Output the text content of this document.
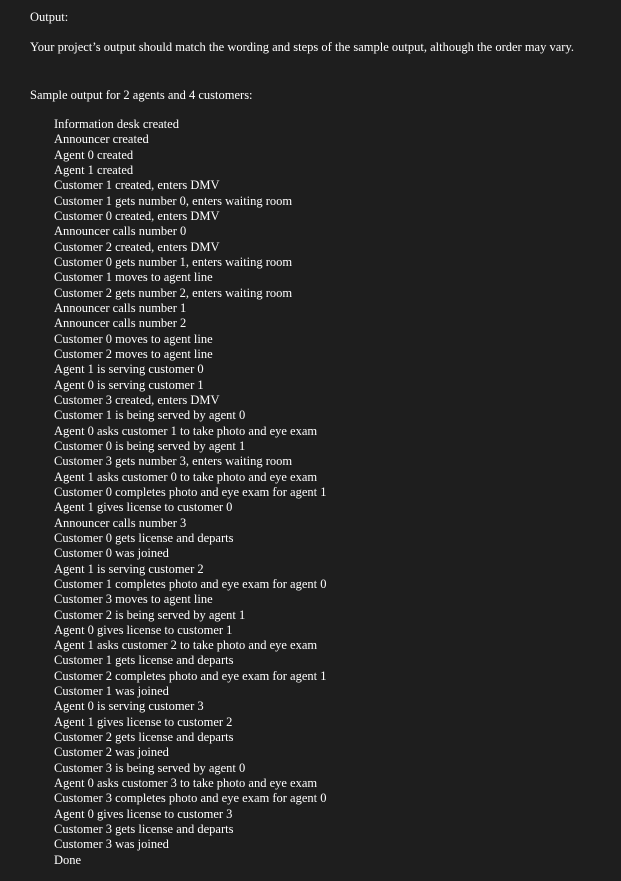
Output:
Your project’s output should match the wording and steps of the sample output, although the order may vary.
Sample output for 2 agents and 4 customers:
Information desk created
Announcer created
Agent 0 created
Agent 1 created
Customer 1 created, enters DMV
Customer 1 gets number 0, enters waiting room
Customer 0 created, enters DMV
Announcer calls number 0
Customer 2 created, enters DMV
Customer 0 gets number 1, enters waiting room
Customer 1 moves to agent line
Customer 2 gets number 2, enters waiting room
Announcer calls number 1
Announcer calls number 2
Customer 0 moves to agent line
Customer 2 moves to agent line
Agent 1 is serving customer 0
Agent 0 is serving customer 1
Customer 3 created, enters DMV
Customer 1 is being served by agent 0
Agent 0 asks customer 1 to take photo and eye exam
Customer 0 is being served by agent 1
Customer 3 gets number 3, enters waiting room
Agent 1 asks customer 0 to take photo and eye exam
Customer 0 completes photo and eye exam for agent 1
Agent 1 gives license to customer 0
Announcer calls number 3
Customer 0 gets license and departs
Customer 0 was joined
Agent 1 is serving customer 2
Customer 1 completes photo and eye exam for agent 0
Customer 3 moves to agent line
Customer 2 is being served by agent 1
Agent 0 gives license to customer 1
Agent 1 asks customer 2 to take photo and eye exam
Customer 1 gets license and departs
Customer 2 completes photo and eye exam for agent 1
Customer 1 was joined
Agent 0 is serving customer 3
Agent 1 gives license to customer 2
Customer 2 gets license and departs
Customer 2 was joined
Customer 3 is being served by agent 0
Agent 0 asks customer 3 to take photo and eye exam
Customer 3 completes photo and eye exam for agent 0
Agent 0 gives license to customer 3
Customer 3 gets license and departs
Customer 3 was joined
Done
